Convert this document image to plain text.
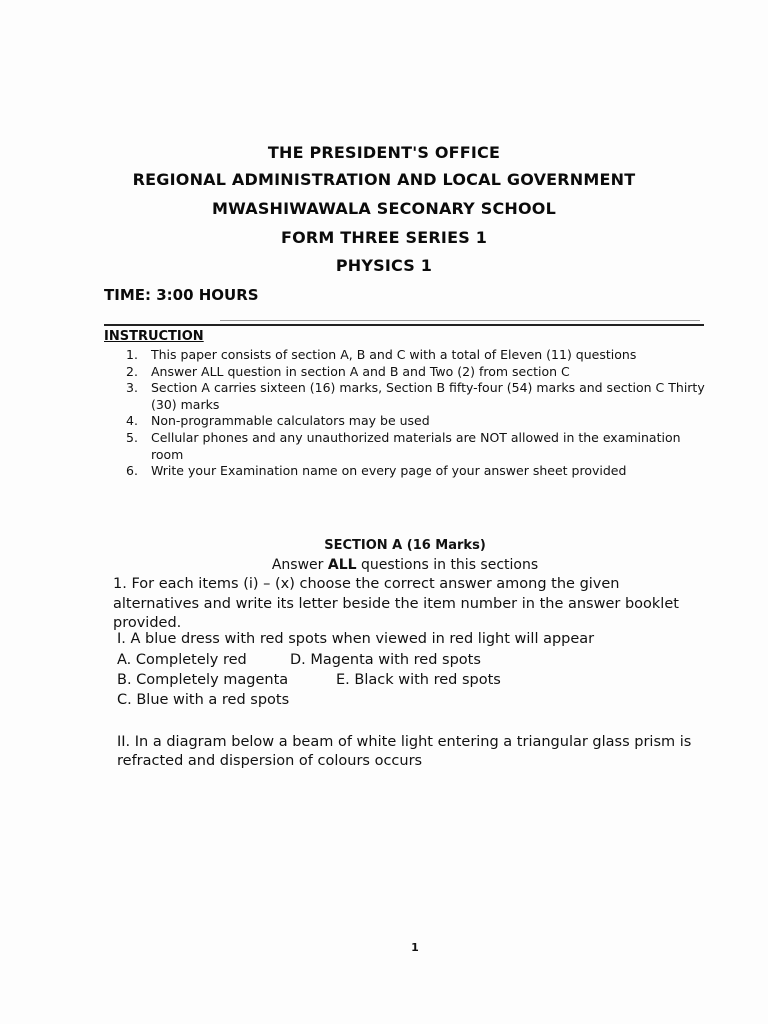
THE PRESIDENT'S OFFICE
REGIONAL ADMINISTRATION AND LOCAL GOVERNMENT
MWASHIWAWALA SECONARY SCHOOL
FORM THREE SERIES 1
PHYSICS 1
TIME: 3:00 HOURS
INSTRUCTION
1. This paper consists of section A, B and C with a total of Eleven (11) questions
2. Answer ALL question in section A and B and Two (2) from section C
3. Section A carries sixteen (16) marks, Section B fifty-four (54) marks and section C Thirty (30) marks
4. Non-programmable calculators may be used
5. Cellular phones and any unauthorized materials are NOT allowed in the examination room
6. Write your Examination name on every page of your answer sheet provided
SECTION A (16 Marks)
Answer ALL questions in this sections
1. For each items (i) – (x) choose the correct answer among the given alternatives and write its letter beside the item number in the answer booklet provided.
I. A blue dress with red spots when viewed in red light will appear
A. Completely red	D. Magenta with red spots
B. Completely magenta	E. Black with red spots
C. Blue with a red spots
II. In a diagram below a beam of white light entering a triangular glass prism is refracted and dispersion of colours occurs
1
